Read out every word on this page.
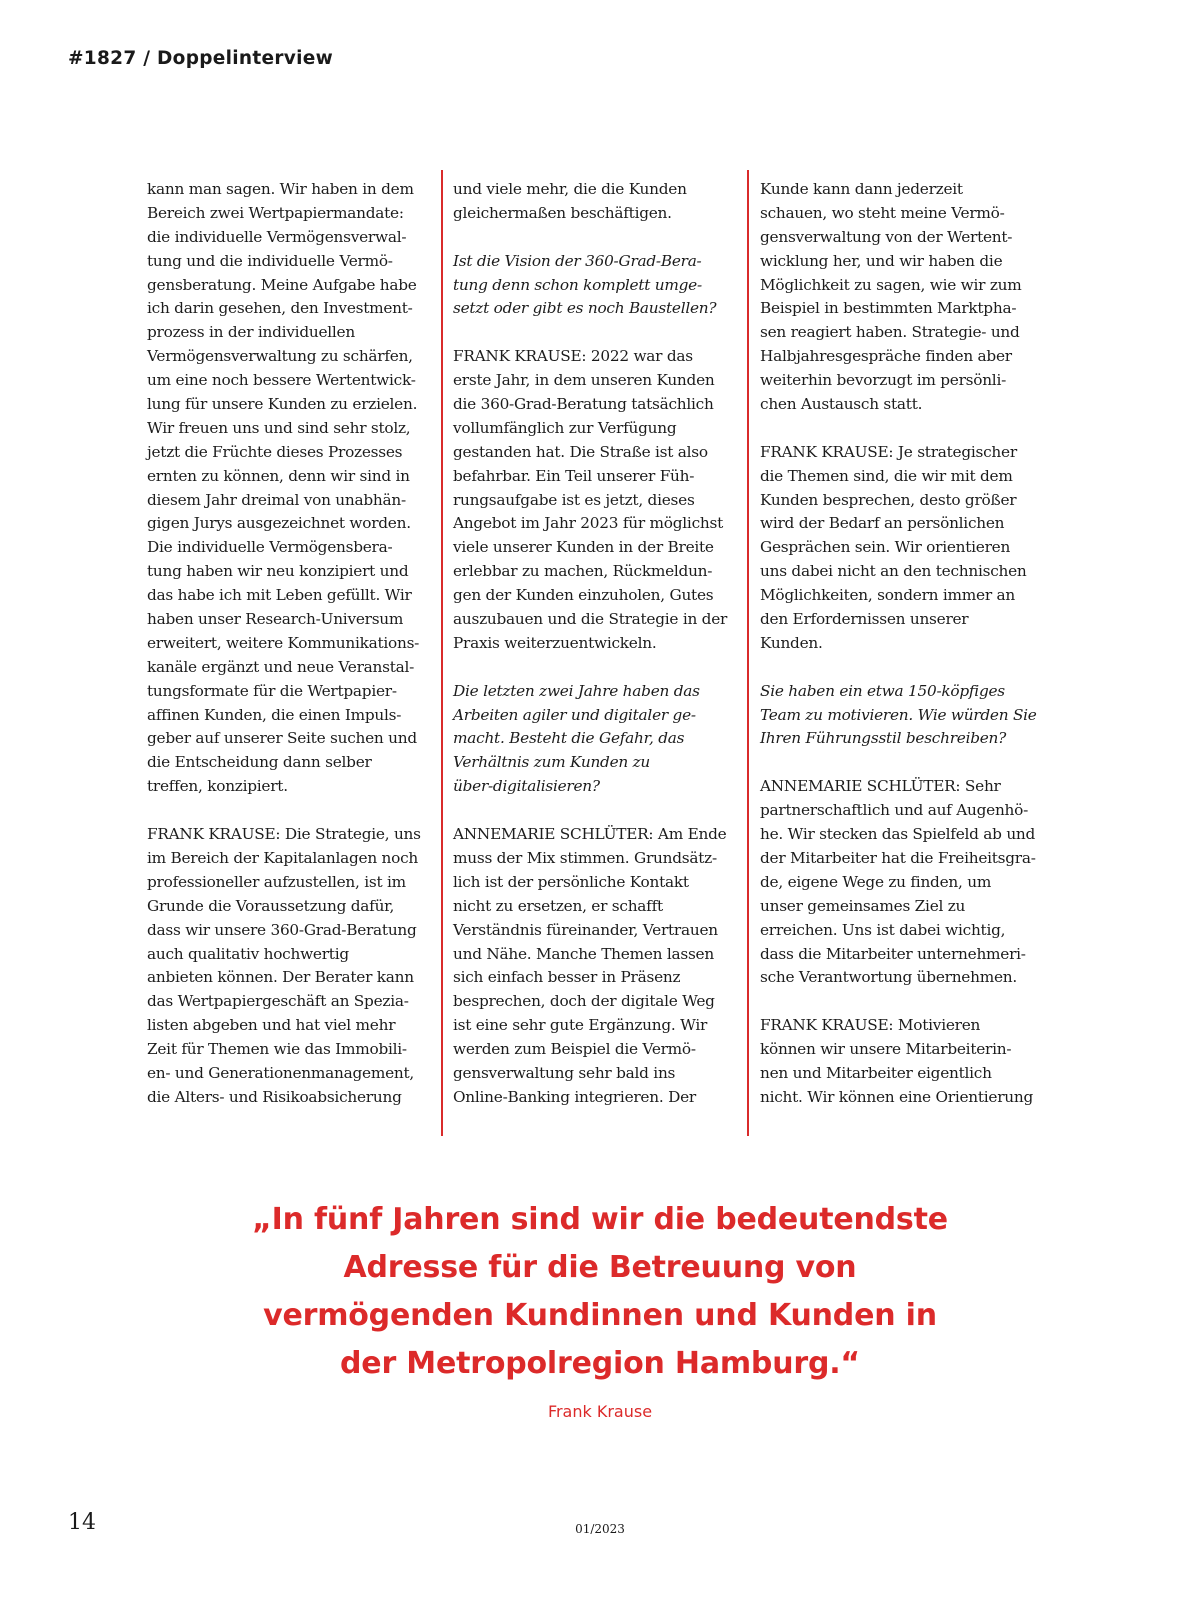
#1827 / Doppelinterview
kann man sagen. Wir haben in dem
Bereich zwei Wertpapiermandate:
die individuelle Vermögensverwal-
tung und die individuelle Vermö-
gensberatung. Meine Aufgabe habe
ich darin gesehen, den Investment-
prozess in der individuellen
Vermögensverwaltung zu schärfen,
um eine noch bessere Wertentwick-
lung für unsere Kunden zu erzielen.
Wir freuen uns und sind sehr stolz,
jetzt die Früchte dieses Prozesses
ernten zu können, denn wir sind in
diesem Jahr dreimal von unabhän-
gigen Jurys ausgezeichnet worden.
Die individuelle Vermögensbera-
tung haben wir neu konzipiert und
das habe ich mit Leben gefüllt. Wir
haben unser Research-Universum
erweitert, weitere Kommunikations-
kanäle ergänzt und neue Veranstal-
tungsformate für die Wertpapier-
affinen Kunden, die einen Impuls-
geber auf unserer Seite suchen und
die Entscheidung dann selber
treffen, konzipiert.
FRANK KRAUSE: Die Strategie, uns
im Bereich der Kapitalanlagen noch
professioneller aufzustellen, ist im
Grunde die Voraussetzung dafür,
dass wir unsere 360-Grad-Beratung
auch qualitativ hochwertig
anbieten können. Der Berater kann
das Wertpapiergeschäft an Spezia-
listen abgeben und hat viel mehr
Zeit für Themen wie das Immobili-
en- und Generationenmanagement,
die Alters- und Risikoabsicherung
und viele mehr, die die Kunden
gleichermaßen beschäftigen.
Ist die Vision der 360-Grad-Bera-
tung denn schon komplett umge-
setzt oder gibt es noch Baustellen?
FRANK KRAUSE: 2022 war das
erste Jahr, in dem unseren Kunden
die 360-Grad-Beratung tatsächlich
vollumfänglich zur Verfügung
gestanden hat. Die Straße ist also
befahrbar. Ein Teil unserer Füh-
rungsaufgabe ist es jetzt, dieses
Angebot im Jahr 2023 für möglichst
viele unserer Kunden in der Breite
erlebbar zu machen, Rückmeldun-
gen der Kunden einzuholen, Gutes
auszubauen und die Strategie in der
Praxis weiterzuentwickeln.
Die letzten zwei Jahre haben das
Arbeiten agiler und digitaler ge-
macht. Besteht die Gefahr, das
Verhältnis zum Kunden zu
über-digitalisieren?
ANNEMARIE SCHLÜTER: Am Ende
muss der Mix stimmen. Grundsätz-
lich ist der persönliche Kontakt
nicht zu ersetzen, er schafft
Verständnis füreinander, Vertrauen
und Nähe. Manche Themen lassen
sich einfach besser in Präsenz
besprechen, doch der digitale Weg
ist eine sehr gute Ergänzung. Wir
werden zum Beispiel die Vermö-
gensverwaltung sehr bald ins
Online-Banking integrieren. Der
Kunde kann dann jederzeit
schauen, wo steht meine Vermö-
gensverwaltung von der Wertent-
wicklung her, und wir haben die
Möglichkeit zu sagen, wie wir zum
Beispiel in bestimmten Marktpha-
sen reagiert haben. Strategie- und
Halbjahresgespräche finden aber
weiterhin bevorzugt im persönli-
chen Austausch statt.
FRANK KRAUSE: Je strategischer
die Themen sind, die wir mit dem
Kunden besprechen, desto größer
wird der Bedarf an persönlichen
Gesprächen sein. Wir orientieren
uns dabei nicht an den technischen
Möglichkeiten, sondern immer an
den Erfordernissen unserer
Kunden.
Sie haben ein etwa 150-köpfiges
Team zu motivieren. Wie würden Sie
Ihren Führungsstil beschreiben?
ANNEMARIE SCHLÜTER: Sehr
partnerschaftlich und auf Augenhö-
he. Wir stecken das Spielfeld ab und
der Mitarbeiter hat die Freiheitsgra-
de, eigene Wege zu finden, um
unser gemeinsames Ziel zu
erreichen. Uns ist dabei wichtig,
dass die Mitarbeiter unternehmeri-
sche Verantwortung übernehmen.
FRANK KRAUSE: Motivieren
können wir unsere Mitarbeiterin-
nen und Mitarbeiter eigentlich
nicht. Wir können eine Orientierung
„In fünf Jahren sind wir die bedeutendste
Adresse für die Betreuung von
vermögenden Kundinnen und Kunden in
der Metropolregion Hamburg.“
Frank Krause
14	01/2023
